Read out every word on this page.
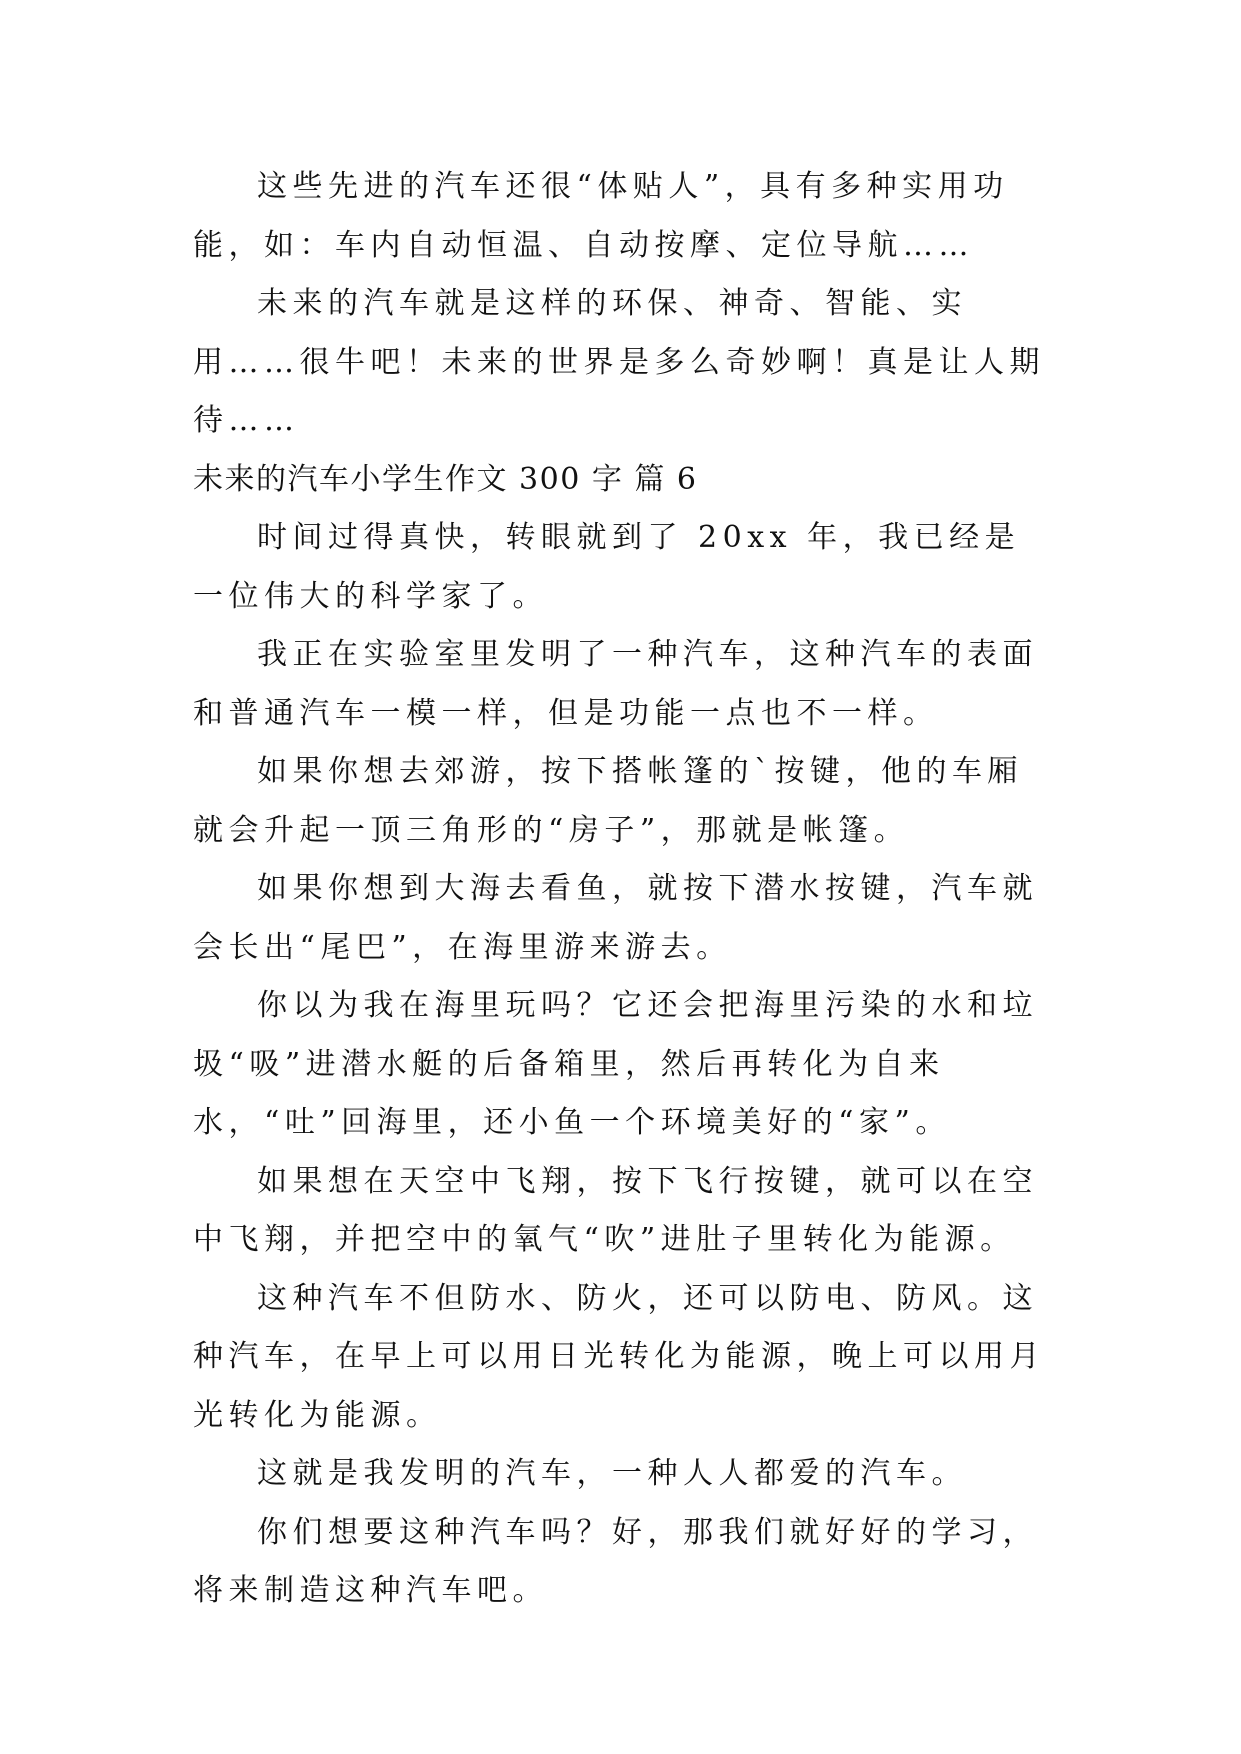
这些先进的汽车还很“体贴人”，具有多种实用功能，如：车内自动恒温、自动按摩、定位导航……

未来的汽车就是这样的环保、神奇、智能、实用……很牛吧！未来的世界是多么奇妙啊！真是让人期待……

未来的汽车小学生作文 300 字 篇 6

时间过得真快，转眼就到了 20xx 年，我已经是一位伟大的科学家了。

我正在实验室里发明了一种汽车，这种汽车的表面和普通汽车一模一样，但是功能一点也不一样。

如果你想去郊游，按下搭帐篷的`按键，他的车厢就会升起一顶三角形的“房子”，那就是帐篷。

如果你想到大海去看鱼，就按下潜水按键，汽车就会长出“尾巴”，在海里游来游去。

你以为我在海里玩吗？它还会把海里污染的水和垃圾“吸”进潜水艇的后备箱里，然后再转化为自来水，“吐”回海里，还小鱼一个环境美好的“家”。

如果想在天空中飞翔，按下飞行按键，就可以在空中飞翔，并把空中的氧气“吹”进肚子里转化为能源。

这种汽车不但防水、防火，还可以防电、防风。这种汽车，在早上可以用日光转化为能源，晚上可以用月光转化为能源。

这就是我发明的汽车，一种人人都爱的汽车。

你们想要这种汽车吗？好，那我们就好好的学习，将来制造这种汽车吧。
